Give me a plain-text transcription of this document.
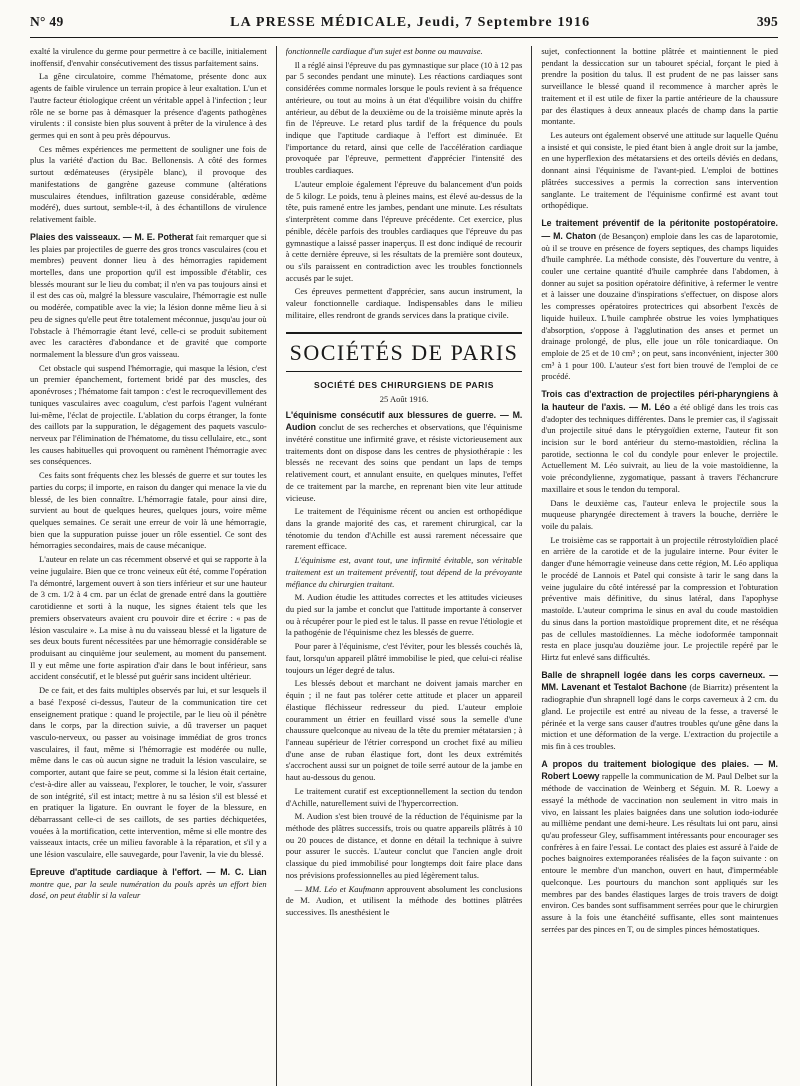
N° 49	LA PRESSE MÉDICALE, Jeudi, 7 Septembre 1916	395

exalté la virulence du germe pour permettre à ce bacille, initialement inoffensif, d'envahir consécutivement des tissus parfaitement sains.

La gêne circulatoire, comme l'hématome, présente donc aux agents de faible virulence un terrain propice à leur exaltation. L'un et l'autre facteur étiologique créent un véritable appel à l'infection ; leur rôle ne se borne pas à démasquer la présence d'agents pathogènes virulents : il consiste bien plus souvent à prêter de la virulence à des germes qui en sont à peu près dépourvus.

Ces mêmes expériences me permettent de souligner une fois de plus la variété d'action du Bac. Bellonensis. A côté des formes surtout œdémateuses (érysipèle blanc), il provoque des manifestations de gangrène gazeuse commune (altérations musculaires étendues, infiltration gazeuse considérable, œdème modéré), dues surtout, semble-t-il, à des échantillons de virulence relativement faible.

Plaies des vaisseaux. — M. E. Potherat fait remarquer que si les plaies par projectiles de guerre des gros troncs vasculaires (cou et membres) peuvent donner lieu à des hémorragies rapidement mortelles, dans une proportion qu'il est impossible d'établir, ces blessés mourant sur le lieu du combat; il n'en va pas toujours ainsi et il est des cas où, malgré la blessure vasculaire, l'hémorragie est nulle ou modérée, compatible avec la vie; la lésion donne même lieu à si peu de signes qu'elle peut être totalement méconnue, jusqu'au jour où l'obstacle à l'hémorragie étant levé, celle-ci se produit subitement avec les caractères d'abondance et de gravité que comporte normalement la blessure d'un gros vaisseau.

Cet obstacle qui suspend l'hémorragie, qui masque la lésion, c'est un premier épanchement, fortement bridé par des muscles, des aponévroses ; l'hématome fait tampon : c'est le recroquevillement des tuniques vasculaires avec coagulum, c'est parfois l'agent vulnérant lui-même, l'éclat de projectile. L'ablation du corps étranger, la fonte des caillots par la suppuration, le dégagement des paquets vasculo-nerveux par l'élimination de l'hématome, du tissu cellulaire, etc., sont les causes habituelles qui provoquent ou ramènent l'hémorragie avec ses conséquences.

Ces faits sont fréquents chez les blessés de guerre et sur toutes les parties du corps; il importe, en raison du danger qui menace la vie du blessé, de les bien connaître. L'hémorragie fatale, pour ainsi dire, survient au bout de quelques heures, quelques jours, voire même quelques semaines. Ce serait une erreur de voir là une hémorragie, bien que la suppuration puisse jouer un rôle essentiel. Ce sont des hémorragies secondaires, mais de cause mécanique.

L'auteur en relate un cas récemment observé et qui se rapporte à la veine jugulaire. Bien que ce tronc veineux eût été, comme l'opération l'a démontré, largement ouvert à son tiers inférieur et sur une hauteur de 3 cm. 1/2 à 4 cm. par un éclat de grenade entré dans la gouttière carotidienne et sorti à la nuque, les signes étaient tels que les premiers observateurs avaient cru pouvoir dire et écrire : « pas de lésion vasculaire ». La mise à nu du vaisseau blessé et la ligature de ses deux bouts furent nécessitées par une hémorragie considérable se produisant au cinquième jour seulement, au moment du pansement. Il y eut même une forte aspiration d'air dans le bout inférieur, sans accident consécutif, et le blessé put guérir sans incident ultérieur.

De ce fait, et des faits multiples observés par lui, et sur lesquels il a basé l'exposé ci-dessus, l'auteur de la communication tire cet enseignement pratique : quand le projectile, par le lieu où il pénètre dans le corps, par la direction suivie, a dû traverser un paquet vasculo-nerveux, ou passer au voisinage immédiat de gros troncs vasculaires, il faut, même si l'hémorragie est modérée ou nulle, même dans le cas où aucun signe ne traduit la lésion vasculaire, se comporter, autant que faire se peut, comme si la lésion était certaine, c'est-à-dire aller au vaisseau, l'explorer, le toucher, le voir, s'assurer de son intégrité, s'il est intact; mettre à nu sa lésion s'il est blessé et en pratiquer la ligature. En ouvrant le foyer de la blessure, en débarrassant celle-ci de ses caillots, de ses parties déchiquetées, vouées à la mortification, cette intervention, même si elle montre des vaisseaux intacts, crée un milieu favorable à la réparation, et s'il y a une lésion vasculaire, elle sauvegarde, pour l'avenir, la vie du blessé.

Epreuve d'aptitude cardiaque à l'effort. — M. C. Lian montre que, par la seule numération du pouls après un effort bien dosé, on peut établir si la valeur

fonctionnelle cardiaque d'un sujet est bonne ou mauvaise.

Il a réglé ainsi l'épreuve du pas gymnastique sur place (10 à 12 pas par 5 secondes pendant une minute). Les réactions cardiaques sont considérées comme normales lorsque le pouls revient à sa fréquence antérieure, ou tout au moins à un état d'équilibre voisin du chiffre antérieur, au début de la deuxième ou de la troisième minute après la fin de l'épreuve. Le retard plus tardif de la fréquence du pouls indique que l'aptitude cardiaque à l'effort est diminuée. Et l'importance du retard, ainsi que celle de l'accélération cardiaque provoquée par l'épreuve, permettent d'apprécier l'intensité des troubles cardiaques.

L'auteur emploie également l'épreuve du balancement d'un poids de 5 kilogr. Le poids, tenu à pleines mains, est élevé au-dessus de la tête, puis ramené entre les jambes, pendant une minute. Les résultats s'interprètent comme dans l'épreuve précédente. Cet exercice, plus pénible, décèle parfois des troubles cardiaques que l'épreuve du pas gymnastique a laissé passer inaperçus. Il est donc indiqué de recourir à cette dernière épreuve, si les résultats de la première sont douteux, ou s'ils paraissent en contradiction avec les troubles fonctionnels accusés par le sujet.

Ces épreuves permettent d'apprécier, sans aucun instrument, la valeur fonctionnelle cardiaque. Indispensables dans le milieu militaire, elles rendront de grands services dans la pratique civile.

SOCIÉTÉS DE PARIS
SOCIÉTÉ DES CHIRURGIENS DE PARIS
25 Août 1916.

L'équinisme consécutif aux blessures de guerre. — M. Audion conclut de ses recherches et observations, que l'équinisme invétéré constitue une infirmité grave, et résiste victorieusement aux traitements dont on dispose dans les centres de physiothérapie : les blessés ne recevant des soins que pendant un laps de temps relativement court, et annulant ensuite, en quelques minutes, l'effet de ce traitement par la marche, en reprenant bien vite leur attitude vicieuse.

Le traitement de l'équinisme récent ou ancien est orthopédique dans la grande majorité des cas, et rarement chirurgical, car la ténotomie du tendon d'Achille est aussi rarement nécessaire que rarement efficace.

L'équinisme est, avant tout, une infirmité évitable, son véritable traitement est un traitement préventif, tout dépend de la prévoyante méfiance du chirurgien traitant.

M. Audion étudie les attitudes correctes et les attitudes vicieuses du pied sur la jambe et conclut que l'attitude importante à conserver ou à récupérer pour le pied est le talus. Il passe en revue l'étiologie et la pathogénie de l'équinisme chez les blessés de guerre.

Pour parer à l'équinisme, c'est l'éviter, pour les blessés couchés là, faut, lorsqu'un appareil plâtré immobilise le pied, que celui-ci réalise toujours un léger degré de talus.

Les blessés debout et marchant ne doivent jamais marcher en équin ; il ne faut pas tolérer cette attitude et placer un appareil élastique fléchisseur redresseur du pied. L'auteur emploie couramment un étrier en feuillard vissé sous la semelle d'une chaussure quelconque au niveau de la tête du premier métatarsien ; à l'anneau supérieur de l'étrier correspond un crochet fixé au milieu d'une anse de ruban élastique fort, dont les deux extrémités s'accrochent aussi sur un poignet de toile serré autour de la jambe en haut au-dessous du genou.

Le traitement curatif est exceptionnellement la section du tendon d'Achille, naturellement suivi de l'hypercorrection.

M. Audion s'est bien trouvé de la réduction de l'équinisme par la méthode des plâtres successifs, trois ou quatre appareils plâtrés à 10 ou 20 pouces de distance, et donne en détail la technique à suivre pour assurer le succès. L'auteur conclut que l'ancien angle droit classique du pied immobilisé pour longtemps doit faire place dans nos prévisions professionnelles au pied légèrement talus.

— MM. Léo et Kaufmann approuvent absolument les conclusions de M. Audion, et utilisent la méthode des bottines plâtrées successives. Ils anesthésient le

sujet, confectionnent la bottine plâtrée et maintiennent le pied pendant la dessiccation sur un tabouret spécial, forçant le pied à prendre la position du talus. Il est prudent de ne pas laisser sans surveillance le blessé quand il recommence à marcher après le traitement et il est utile de fixer la partie antérieure de la chaussure par des élastiques à deux anneaux placés de champ dans la partie montante.

Les auteurs ont également observé une attitude sur laquelle Quénu a insisté et qui consiste, le pied étant bien à angle droit sur la jambe, en une hyperflexion des métatarsiens et des orteils déviés en dedans, donnant ainsi l'équinisme de l'avant-pied. L'emploi de bottines plâtrées successives a permis la correction sans intervention sanglante. Le traitement de l'équinisme confirmé est avant tout orthopédique.

Le traitement préventif de la péritonite postopératoire. — M. Chaton (de Besançon) emploie dans les cas de laparotomie, où il se trouve en présence de foyers septiques, des champs liquides d'huile camphrée. La méthode consiste, dès l'ouverture du ventre, à couler une certaine quantité d'huile camphrée dans l'abdomen, à donner au sujet sa position opératoire définitive, à refermer le ventre et à laisser une douzaine d'inspirations s'effectuer, on dispose alors les compresses opératoires protectrices qui absorbent l'excès de liquide huileux. L'huile camphrée obstrue les voies lymphatiques d'absorption, s'oppose à l'agglutination des anses et permet un drainage prolongé, de plus, elle joue un rôle tonicardiaque. On emploie de 25 et de 10 cm³ ; on peut, sans inconvénient, injecter 300 cm³ à 1 pour 100. L'auteur s'est fort bien trouvé de l'emploi de ce procédé.

Trois cas d'extraction de projectiles péri-pharyngiens à la hauteur de l'axis. — M. Léo a été obligé dans les trois cas d'adopter des techniques différentes. Dans le premier cas, il s'agissait d'un projectile situé dans le ptérygoïdien externe, l'auteur fit son incision sur le bord antérieur du sterno-mastoïdien, réclina la parotide, sectionna le col du condyle pour enlever le projectile. Actuellement M. Léo suivrait, au lieu de la voie mastoïdienne, la voie précondylienne, zygomatique, passant à travers l'échancrure maxillaire et sous le tendon du temporal.

Dans le deuxième cas, l'auteur enleva le projectile sous la muqueuse pharyngée directement à travers la bouche, derrière le voile du palais.

Le troisième cas se rapportait à un projectile rétrostyloïdien placé en arrière de la carotide et de la jugulaire interne. Pour éviter le danger d'une hémorragie veineuse dans cette région, M. Léo appliqua le procédé de Lannois et Patel qui consiste à tarir le sang dans la veine jugulaire du côté intéressé par la compression et l'obturation préventive mais définitive, du sinus latéral, dans l'apophyse mastoïde. L'auteur comprima le sinus en aval du coude mastoïdien du sinus dans la portion mastoïdique proprement dite, et ne réséqua pas de cellules mastoïdiennes. La mèche iodoformée tamponnait resta en place jusqu'au douzième jour. Le projectile repéré par le Hirtz fut enlevé sans difficultés.

Balle de shrapnell logée dans les corps caverneux. — MM. Lavenant et Testalot Bachone (de Biarritz) présentent la radiographie d'un shrapnell logé dans le corps caverneux à 2 cm. du gland. Le projectile est entré au niveau de la fesse, a traversé le périnée et la verge sans causer d'autres troubles qu'une gêne dans la miction et une déformation de la verge. L'extraction du projectile a mis fin à ces troubles.

A propos du traitement biologique des plaies. — M. Robert Loewy rappelle la communication de M. Paul Delbet sur la méthode de vaccination de Weinberg et Séguin. M. R. Loewy a essayé la méthode de vaccination non seulement in vitro mais in vivo, en laissant les plaies baignées dans une solution iodo-iodurée au millième pendant une demi-heure. Les résultats lui ont paru, ainsi qu'au professeur Gley, suffisamment intéressants pour encourager ses confrères à en faire l'essai. Le contact des plaies est assuré à l'aide de poches baignoires extemporanées réalisées de la façon suivante : on entoure le membre d'un manchon, ouvert en haut, d'imperméable quelconque. Les pourtours du manchon sont appliqués sur les membres par des bandes élastiques larges de trois travers de doigt environ. Ces bandes sont suffisamment serrées pour que le chirurgien assure à la fois une étanchéité suffisante, elles sont maintenues serrées par des pinces en T, ou de simples pinces hémostatiques.
